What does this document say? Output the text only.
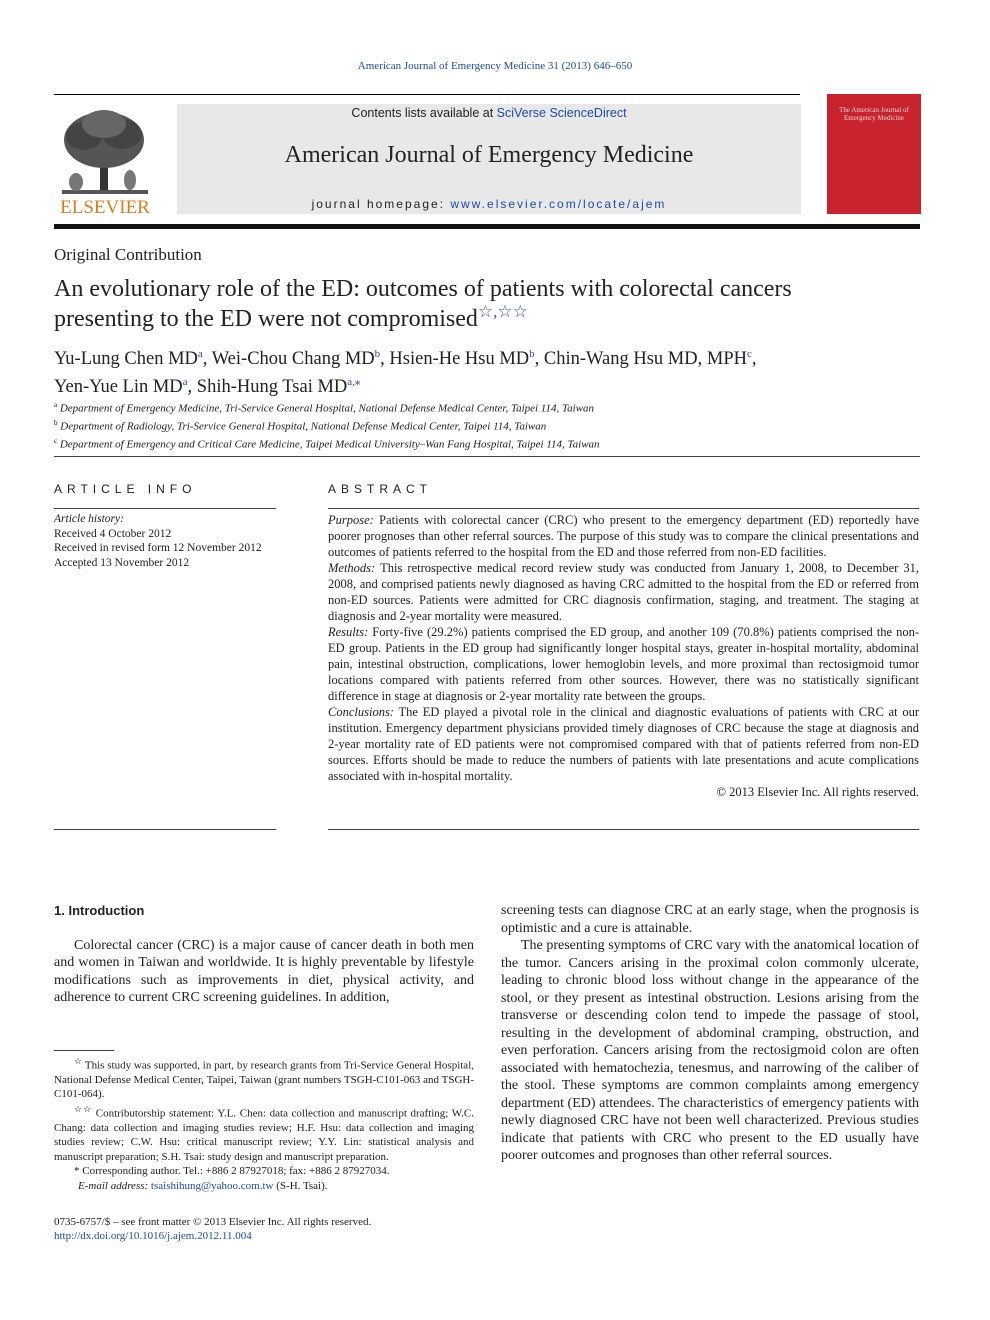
American Journal of Emergency Medicine 31 (2013) 646–650
ELSEVIER
Contents lists available at SciVerse ScienceDirect
American Journal of Emergency Medicine
journal homepage: www.elsevier.com/locate/ajem
The American Journal of Emergency Medicine
Original Contribution
An evolutionary role of the ED: outcomes of patients with colorectal cancers
presenting to the ED were not compromised☆,☆☆
Yu-Lung Chen $MD^a$, Wei-Chou Chang $MD^b$, Hsien-He Hsu $MD^b$, Chin-Wang Hsu MD, MPH$^c$,
Yen-Yue Lin $MD^a$, Shih-Hung Tsai $MD^{a,⁎}$
$^a$ Department of Emergency Medicine, Tri-Service General Hospital, National Defense Medical Center, Taipei 114, Taiwan
$^b$ Department of Radiology, Tri-Service General Hospital, National Defense Medical Center, Taipei 114, Taiwan
$^c$ Department of Emergency and Critical Care Medicine, Taipei Medical University–Wan Fang Hospital, Taipei 114, Taiwan
ARTICLE INFO
Article history:
Received 4 October 2012
Received in revised form 12 November 2012
Accepted 13 November 2012
ABSTRACT

Purpose: Patients with colorectal cancer (CRC) who present to the emergency department (ED) reportedly have poorer prognoses than other referral sources. The purpose of this study was to compare the clinical presentations and outcomes of patients referred to the hospital from the ED and those referred from non-ED facilities.

Methods: This retrospective medical record review study was conducted from January 1, 2008, to December 31, 2008, and comprised patients newly diagnosed as having CRC admitted to the hospital from the ED or referred from non-ED sources. Patients were admitted for CRC diagnosis confirmation, staging, and treatment. The staging at diagnosis and 2-year mortality were measured.

Results: Forty-five (29.2%) patients comprised the ED group, and another 109 (70.8%) patients comprised the non-ED group. Patients in the ED group had significantly longer hospital stays, greater in-hospital mortality, abdominal pain, intestinal obstruction, complications, lower hemoglobin levels, and more proximal than rectosigmoid tumor locations compared with patients referred from other sources. However, there was no statistically significant difference in stage at diagnosis or 2-year mortality rate between the groups.

Conclusions: The ED played a pivotal role in the clinical and diagnostic evaluations of patients with CRC at our institution. Emergency department physicians provided timely diagnoses of CRC because the stage at diagnosis and 2-year mortality rate of ED patients were not compromised compared with that of patients referred from non-ED sources. Efforts should be made to reduce the numbers of patients with late presentations and acute complications associated with in-hospital mortality.

© 2013 Elsevier Inc. All rights reserved.

1. Introduction

Colorectal cancer (CRC) is a major cause of cancer death in both men and women in Taiwan and worldwide. It is highly preventable by lifestyle modifications such as improvements in diet, physical activity, and adherence to current CRC screening guidelines. In addition,

☆ This study was supported, in part, by research grants from Tri-Service General Hospital, National Defense Medical Center, Taipei, Taiwan (grant numbers TSGH-C101-063 and TSGH-C101-064).

☆☆ Contributorship statement: Y.L. Chen: data collection and manuscript drafting; W.C. Chang: data collection and imaging studies review; H.F. Hsu: data collection and imaging studies review; C.W. Hsu: critical manuscript review; Y.Y. Lin: statistical analysis and manuscript preparation; S.H. Tsai: study design and manuscript preparation.

* Corresponding author. Tel.: +886 2 87927018; fax: +886 2 87927034.

E-mail address: tsaishihung@yahoo.com.tw (S-H. Tsai).

0735-6757/$ – see front matter © 2013 Elsevier Inc. All rights reserved.

http://dx.doi.org/10.1016/j.ajem.2012.11.004

screening tests can diagnose CRC at an early stage, when the prognosis is optimistic and a cure is attainable.

The presenting symptoms of CRC vary with the anatomical location of the tumor. Cancers arising in the proximal colon commonly ulcerate, leading to chronic blood loss without change in the appearance of the stool, or they present as intestinal obstruction. Lesions arising from the transverse or descending colon tend to impede the passage of stool, resulting in the development of abdominal cramping, obstruction, and even perforation. Cancers arising from the rectosigmoid colon are often associated with hematochezia, tenesmus, and narrowing of the caliber of the stool. These symptoms are common complaints among emergency department (ED) attendees. The characteristics of emergency patients with newly diagnosed CRC have not been well characterized. Previous studies indicate that patients with CRC who present to the ED usually have poorer outcomes and prognoses than other referral sources.
